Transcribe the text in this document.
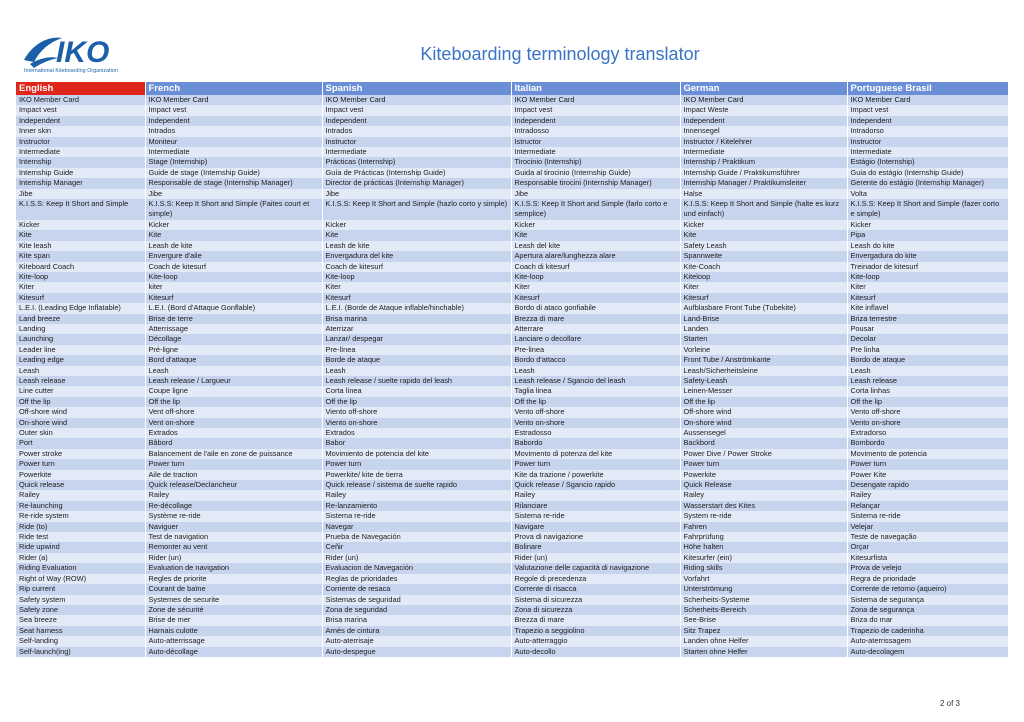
IKO
International Kiteboarding Organization
Kiteboarding terminology translator
English	French	Spanish	Italian	German	Portuguese Brasil
IKO Member Card	IKO Member Card	IKO Member Card	IKO Member Card	IKO Member Card	IKO Member Card
Impact vest	Impact vest	Impact vest	Impact vest	Impact Weste	Impact vest
Independent	Independent	Independent	Independent	Independent	Independent
Inner skin	Intrados	Intrados	Intradosso	Innensegel	Intradorso
Instructor	Moniteur	Instructor	Istructor	Instructor / Kitelehrer	Instructor
Intermediate	Intermediate	Intermediate	Intermediate	Intermediate	Intermediate
Internship	Stage (Internship)	Prácticas (Internship)	Tirocinio (Internship)	Internship / Praktikum	Estágio (Internship)
Internship Guide	Guide de stage (Internship Guide)	Guía de Prácticas (Internship Guide)	Guida al tirocinio (Internship Guide)	Internship Guide / Praktikumsführer	Guia do estágio (Internship Guide)
Internship Manager	Responsable de stage (Internship Manager)	Director de prácticas (Internship Manager)	Responsable tirocini (Internship Manager)	Internship Manager / Praktikumsleiter	Gerente do estágio (Internship Manager)
Jibe	Jibe	Jibe	Jibe	Halse	Volta
K.I.S.S: Keep It Short and Simple	K.I.S.S: Keep It Short and Simple (Faites court et simple)	K.I.S.S: Keep It Short and Simple (hazlo corto y simple)	K.I.S.S: Keep It Short and Simple (farlo corto e semplice)	K.I.S.S: Keep It Short and Simple (halte es kurz und einfach)	K.I.S.S: Keep It Short and Simple (fazer corto e simple)
Kicker	Kicker	Kicker	Kicker	Kicker	Kicker
Kite	Kite	Kite	Kite	Kite	Pipa
Kite leash	Leash de kite	Leash de kite	Leash del kite	Safety Leash	Leash do kite
Kite span	Envergure d'aile	Envergadura del kite	Apertura alare/lunghezza alare	Spannweite	Envergadura do kite
Kiteboard Coach	Coach de kitesurf	Coach de kitesurf	Coach di kitesurf	Kite-Coach	Treinador de kitesurf
Kite-loop	Kite-loop	Kite-loop	Kite-loop	Kiteloop	Kite-loop
Kiter	kiter	Kiter	Kiter	Kiter	Kiter
Kitesurf	Kitesurf	Kitesurf	Kitesurf	Kitesurf	Kitesurf
L.E.I. (Leading Edge Inflatable)	L.E.I. (Bord d'Attaque Gonflable)	L.E.I. (Borde de Ataque inflable/hinchable)	Bordo di ataco gonfiabile	Aufblasbare Front Tube (Tubekite)	Kite inflavel
Land breeze	Brise de terre	Brisa marina	Brezza di mare	Land-Brise	Briza terrestre
Landing	Atterrissage	Aterrizar	Atterrare	Landen	Pousar
Launching	Décollage	Lanzar/ despegar	Lanciare o decollare	Starten	Decolar
Leader line	Pré-ligne	Pre-línea	Pre-linea	Vorleine	Pre linha
Leading edge	Bord d'attaque	Borde de ataque	Bordo d'attacco	Front Tube / Anströmkante	Bordo de ataque
Leash	Leash	Leash	Leash	Leash/Sicherheitsleine	Leash
Leash release	Leash release / Largueur	Leash release / suelte rapido del leash	Leash release / Sgancio del leash	Safety-Leash	Leash release
Line cutter	Coupe ligne	Corta línea	Taglia linea	Leinen-Messer	Corta linhas
Off the lip	Off the lip	Off the lip	Off the lip	Off the lip	Off the lip
Off-shore wind	Vent off-shore	Viento off-shore	Vento off-shore	Off-shore wind	Vento off-shore
On-shore wind	Vent on-shore	Viento on-shore	Vento on-shore	On-shore wind	Vento on-shore
Outer skin	Extrados	Extrados	Estradosso	Aussensegel	Extradorso
Port	Bâbord	Babor	Babordo	Backbord	Bombordo
Power stroke	Balancement de l'aile en zone de puissance	Movimiento de potencia del kite	Movimento di potenza del kite	Power Dive / Power Stroke	Movimento de potencia
Power turn	Power turn	Power turn	Power turn	Power turn	Power turn
Powerkite	Aile de traction	Powerkite/ kite de tierra	Kite da trazione / powerkite	Powerkite	Power Kite
Quick release	Quick release/Declancheur	Quick release / sistema de suelte rapido	Quick release / Sgancio rapido	Quick Release	Desengate rapido
Railey	Railey	Railey	Railey	Railey	Railey
Re-launching	Re-décollage	Re-lanzamiento	Rilanciare	Wasserstart des Kites	Relançar
Re-ride system	Système re-ride	Sistema re-ride	Sistema re-ride	System re-ride	Sistema re-ride
Ride (to)	Naviguer	Navegar	Navigare	Fahren	Velejar
Ride test	Test de navigation	Prueba de Navegación	Prova di navigazione	Fahrprüfung	Teste de navegação
Ride upwind	Remonter au vent	Ceñir	Bolinare	Höhe halten	Orçar
Rider (a)	Rider (un)	Rider (un)	Rider (un)	Kitesurfer (ein)	Kitesurfista
Riding Evaluation	Evaluation de navigation	Evaluacion de Navegación	Valutazione delle capacità di navigazione	Riding skills	Prova de velejo
Right of Way (ROW)	Regles de priorite	Reglas de prioridades	Regole di precedenza	Vorfahrt	Regra de prioridade
Rip current	Courant de baïne	Corriente de resaca	Corrente di risacca	Unterströmung	Corrente de retorno (aqueiro)
Safety system	Systemes de securite	Sistemas de seguridad	Sistema di sicurezza	Scherheits-Systeme	Sistema de segurança
Safety zone	Zone de sécurité	Zona de seguridad	Zona di sicurezza	Scherheits-Bereich	Zona de segurança
Sea breeze	Brise de mer	Brisa marina	Brezza di mare	See-Brise	Briza do mar
Seat harness	Harnais culotte	Arnés de cintura	Trapezio a seggiolino	Sitz Trapez	Trapezio de caderinha
Self-landing	Auto-atterrissage	Auto-aterrisaje	Auto-atterraggio	Landen ohne Helfer	Auto-aterrissagem
Self-launch(ing)	Auto-décollage	Auto-despegue	Auto-decollo	Starten ohne Helfer	Auto-decolagem
2 of 3
